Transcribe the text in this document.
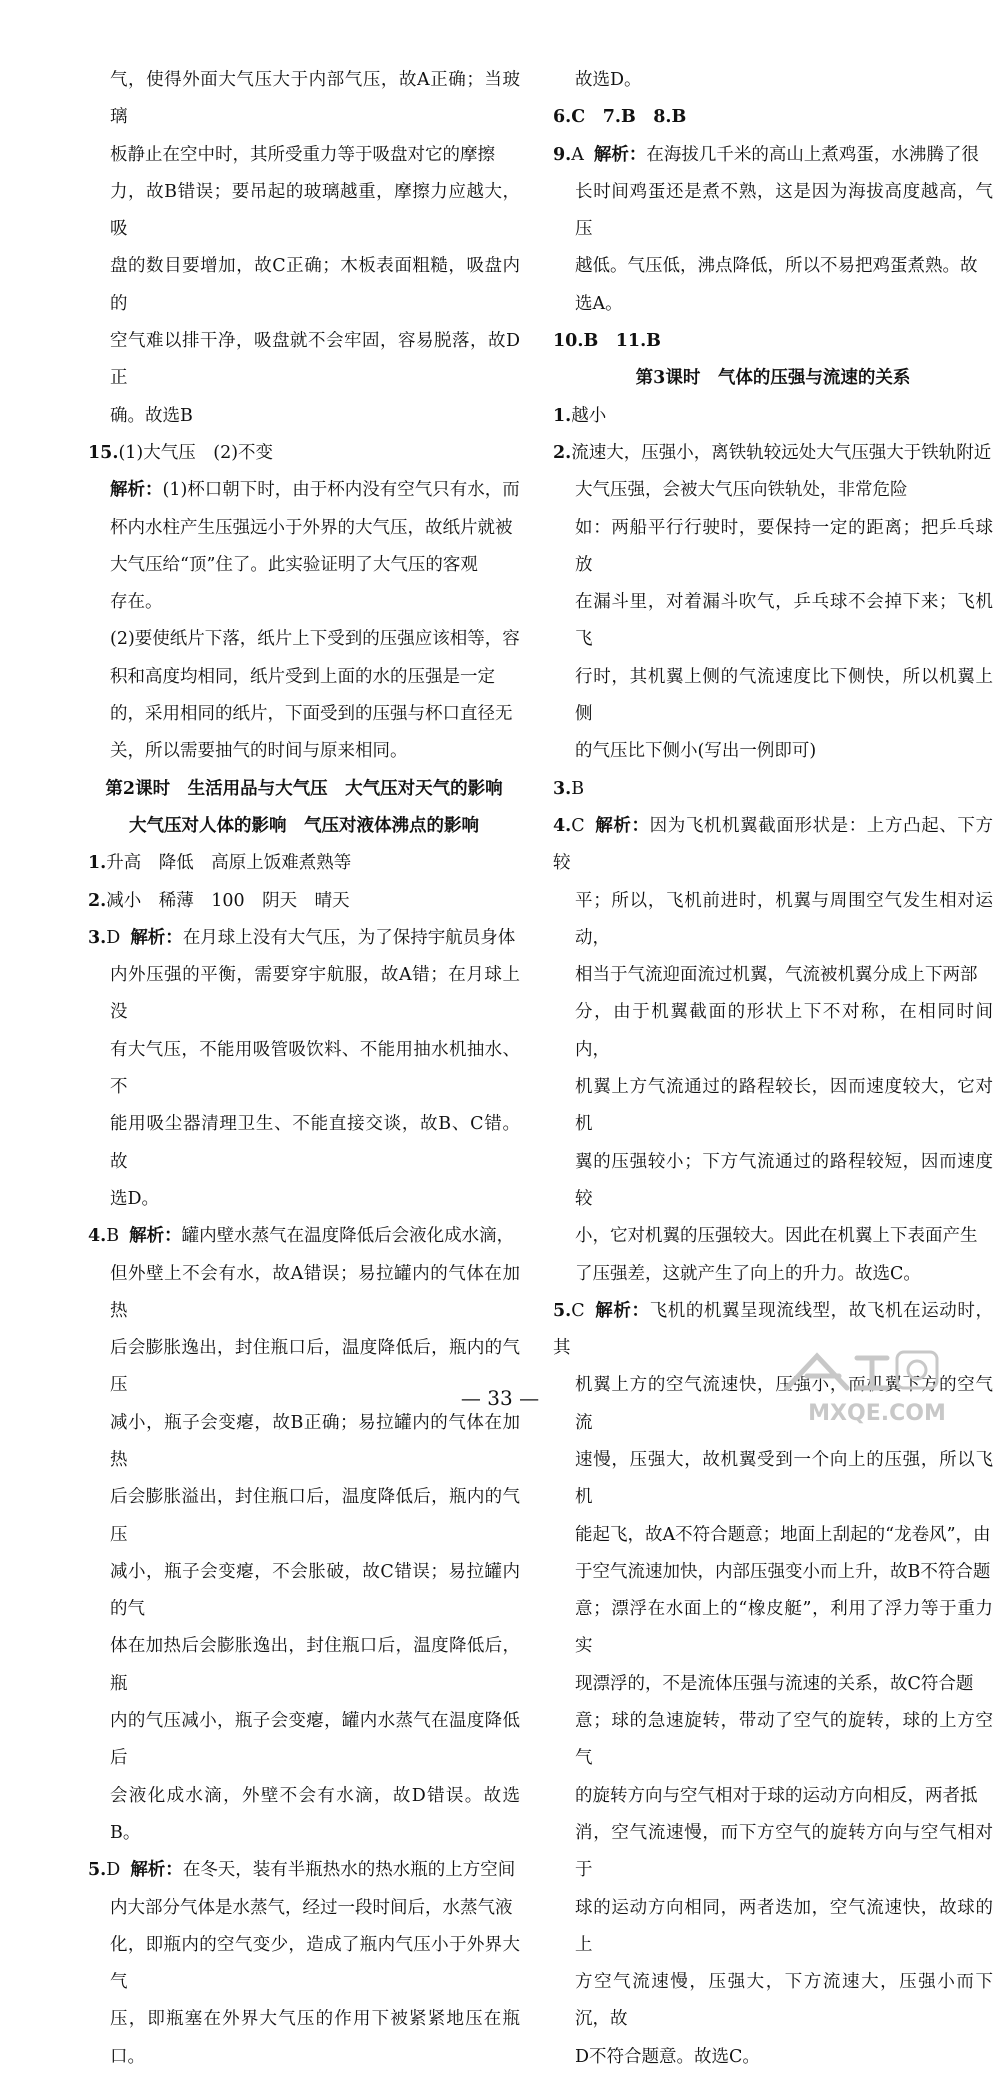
气，使得外面大气压大于内部气压，故A正确；当玻璃

板静止在空中时，其所受重力等于吸盘对它的摩擦

力，故B错误；要吊起的玻璃越重，摩擦力应越大，吸

盘的数目要增加，故C正确；木板表面粗糙，吸盘内的

空气难以排干净，吸盘就不会牢固，容易脱落，故D正

确。故选B

15.(1)大气压　(2)不变

解析：(1)杯口朝下时，由于杯内没有空气只有水，而

杯内水柱产生压强远小于外界的大气压，故纸片就被

大气压给“顶”住了。此实验证明了大气压的客观

存在。

(2)要使纸片下落，纸片上下受到的压强应该相等，容

积和高度均相同，纸片受到上面的水的压强是一定

的，采用相同的纸片，下面受到的压强与杯口直径无

关，所以需要抽气的时间与原来相同。

第2课时　生活用品与大气压　大气压对天气的影响

大气压对人体的影响　气压对液体沸点的影响

1.升高　降低　高原上饭难煮熟等

2.减小　稀薄　100　阴天　晴天

3.D 解析：在月球上没有大气压，为了保持宇航员身体

内外压强的平衡，需要穿宇航服，故A错；在月球上没

有大气压，不能用吸管吸饮料、不能用抽水机抽水、不

能用吸尘器清理卫生、不能直接交谈，故B、C错。故

选D。

4.B 解析：罐内壁水蒸气在温度降低后会液化成水滴，

但外壁上不会有水，故A错误；易拉罐内的气体在加热

后会膨胀逸出，封住瓶口后，温度降低后，瓶内的气压

减小，瓶子会变瘪，故B正确；易拉罐内的气体在加热

后会膨胀溢出，封住瓶口后，温度降低后，瓶内的气压

减小，瓶子会变瘪，不会胀破，故C错误；易拉罐内的气

体在加热后会膨胀逸出，封住瓶口后，温度降低后，瓶

内的气压减小，瓶子会变瘪，罐内水蒸气在温度降低后

会液化成水滴，外壁不会有水滴，故D错误。故选B。

5.D 解析：在冬天，装有半瓶热水的热水瓶的上方空间

内大部分气体是水蒸气，经过一段时间后，水蒸气液

化，即瓶内的空气变少，造成了瓶内气压小于外界大气

压，即瓶塞在外界大气压的作用下被紧紧地压在瓶口。

故选D。

6.C　7.B　8.B

9.A 解析：在海拔几千米的高山上煮鸡蛋，水沸腾了很

长时间鸡蛋还是煮不熟，这是因为海拔高度越高，气压

越低。气压低，沸点降低，所以不易把鸡蛋煮熟。故

选A。

10.B　11.B

第3课时　气体的压强与流速的关系

1.越小

2.流速大，压强小，离铁轨较远处大气压强大于铁轨附近

大气压强，会被大气压向铁轨处，非常危险

如：两船平行行驶时，要保持一定的距离；把乒乓球放

在漏斗里，对着漏斗吹气，乒乓球不会掉下来；飞机飞

行时，其机翼上侧的气流速度比下侧快，所以机翼上侧

的气压比下侧小(写出一例即可)

3.B

4.C 解析：因为飞机机翼截面形状是：上方凸起、下方较

平；所以，飞机前进时，机翼与周围空气发生相对运动，

相当于气流迎面流过机翼，气流被机翼分成上下两部

分，由于机翼截面的形状上下不对称，在相同时间内，

机翼上方气流通过的路程较长，因而速度较大，它对机

翼的压强较小；下方气流通过的路程较短，因而速度较

小，它对机翼的压强较大。因此在机翼上下表面产生

了压强差，这就产生了向上的升力。故选C。

5.C 解析：飞机的机翼呈现流线型，故飞机在运动时，其

机翼上方的空气流速快，压强小，而机翼下方的空气流

速慢，压强大，故机翼受到一个向上的压强，所以飞机

能起飞，故A不符合题意；地面上刮起的“龙卷风”，由

于空气流速加快，内部压强变小而上升，故B不符合题

意；漂浮在水面上的“橡皮艇”，利用了浮力等于重力实

现漂浮的，不是流体压强与流速的关系，故C符合题

意；球的急速旋转，带动了空气的旋转，球的上方空气

的旋转方向与空气相对于球的运动方向相反，两者抵

消，空气流速慢，而下方空气的旋转方向与空气相对于

球的运动方向相同，两者迭加，空气流速快，故球的上

方空气流速慢，压强大，下方流速大，压强小而下沉，故

D不符合题意。故选C。

— 33 —
MXQE.COM
